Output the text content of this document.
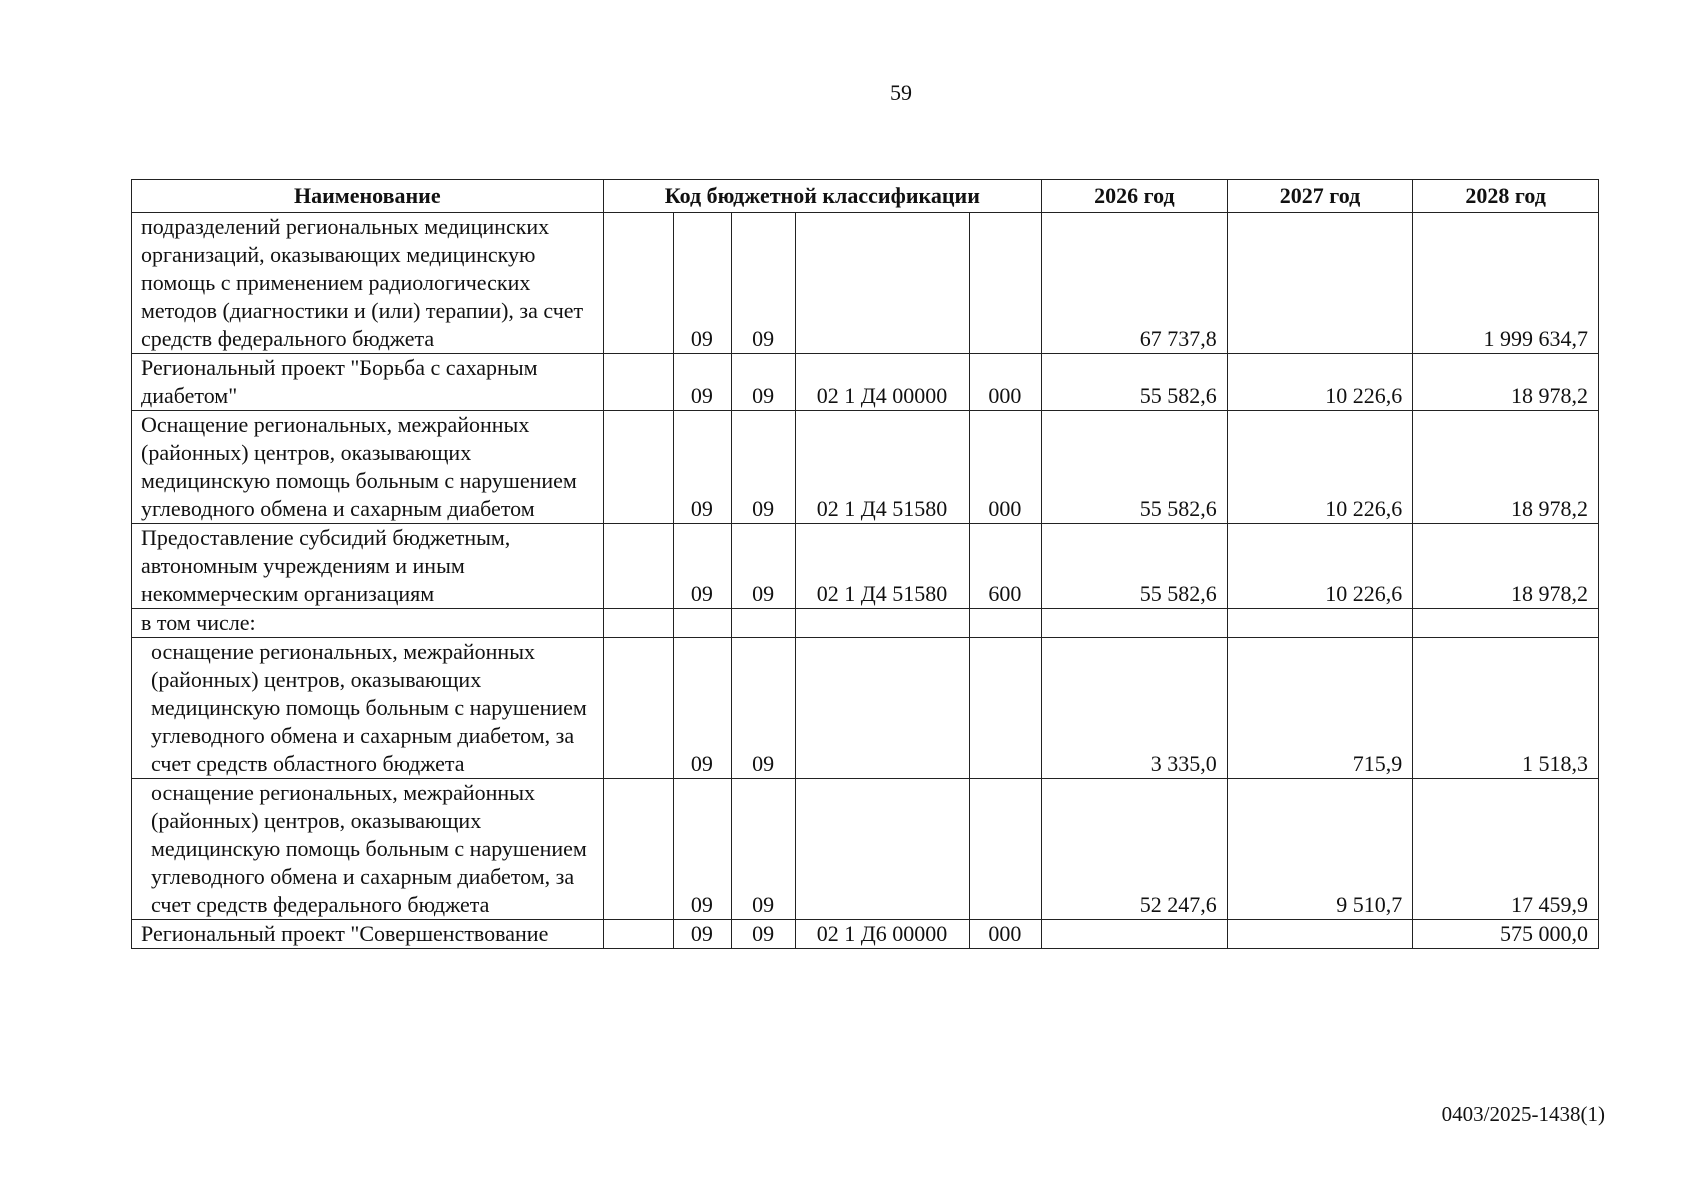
59
Наименование	Код бюджетной классификации					2026 год	2027 год	2028 год
подразделений региональных медицинских организаций, оказывающих медицинскую помощь с применением радиологических методов (диагностики и (или) терапии), за счет средств федерального бюджета		09	09			67 737,8		1 999 634,7
Региональный проект "Борьба с сахарным диабетом"		09	09	02 1 Д4 00000	000	55 582,6	10 226,6	18 978,2
Оснащение региональных, межрайонных (районных) центров, оказывающих медицинскую помощь больным с нарушением углеводного обмена и сахарным диабетом		09	09	02 1 Д4 51580	000	55 582,6	10 226,6	18 978,2
Предоставление субсидий бюджетным, автономным учреждениям и иным некоммерческим организациям		09	09	02 1 Д4 51580	600	55 582,6	10 226,6	18 978,2
в том числе:								

оснащение региональных, межрайонных (районных) центров, оказывающих медицинскую помощь больным с нарушением углеводного обмена и сахарным диабетом, за счет средств областного бюджета		09	09			3 335,0	715,9	1 518,3

оснащение региональных, межрайонных (районных) центров, оказывающих медицинскую помощь больным с нарушением углеводного обмена и сахарным диабетом, за счет средств федерального бюджета		09	09			52 247,6	9 510,7	17 459,9
Региональный проект "Совершенствование		09	09	02 1 Д6 00000	000			575 000,0
0403/2025-1438(1)
